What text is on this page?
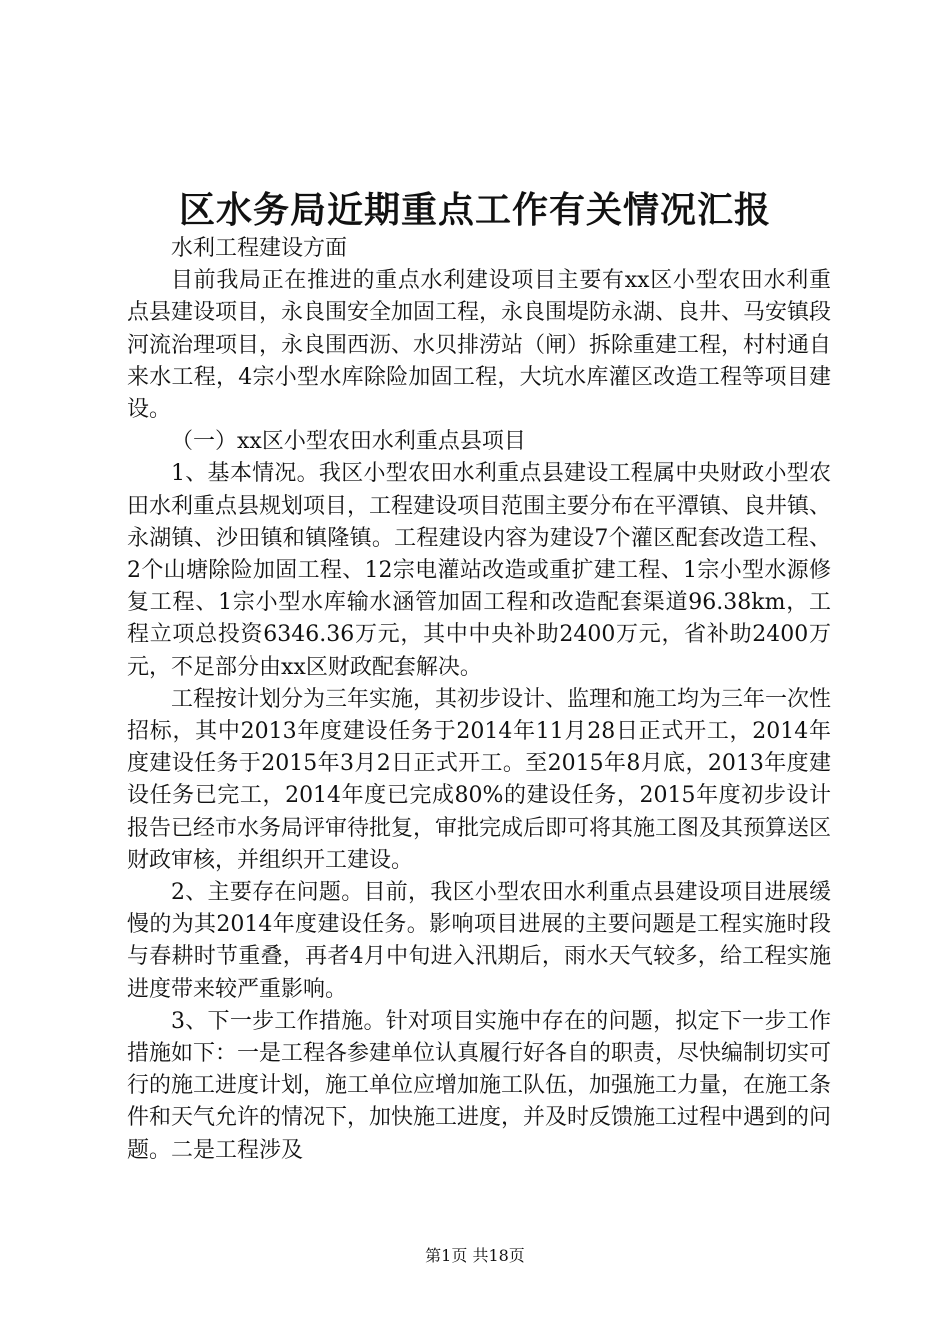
区水务局近期重点工作有关情况汇报

水利工程建设方面

目前我局正在推进的重点水利建设项目主要有xx区小型农田水利重点县建设项目，永良围安全加固工程，永良围堤防永湖、良井、马安镇段河流治理项目，永良围西沥、水贝排涝站（闸）拆除重建工程，村村通自来水工程，4宗小型水库除险加固工程，大坑水库灌区改造工程等项目建设。

（一）xx区小型农田水利重点县项目

1、基本情况。我区小型农田水利重点县建设工程属中央财政小型农田水利重点县规划项目，工程建设项目范围主要分布在平潭镇、良井镇、永湖镇、沙田镇和镇隆镇。工程建设内容为建设7个灌区配套改造工程、2个山塘除险加固工程、12宗电灌站改造或重扩建工程、1宗小型水源修复工程、1宗小型水库输水涵管加固工程和改造配套渠道96.38km，工程立项总投资6346.36万元，其中中央补助2400万元，省补助2400万元，不足部分由xx区财政配套解决。

工程按计划分为三年实施，其初步设计、监理和施工均为三年一次性招标，其中2013年度建设任务于2014年11月28日正式开工，2014年度建设任务于2015年3月2日正式开工。至2015年8月底，2013年度建设任务已完工，2014年度已完成80%的建设任务，2015年度初步设计报告已经市水务局评审待批复，审批完成后即可将其施工图及其预算送区财政审核，并组织开工建设。

2、主要存在问题。目前，我区小型农田水利重点县建设项目进展缓慢的为其2014年度建设任务。影响项目进展的主要问题是工程实施时段与春耕时节重叠，再者4月中旬进入汛期后，雨水天气较多，给工程实施进度带来较严重影响。

3、下一步工作措施。针对项目实施中存在的问题，拟定下一步工作措施如下：一是工程各参建单位认真履行好各自的职责，尽快编制切实可行的施工进度计划，施工单位应增加施工队伍，加强施工力量，在施工条件和天气允许的情况下，加快施工进度，并及时反馈施工过程中遇到的问题。二是工程涉及

第1页 共18页
